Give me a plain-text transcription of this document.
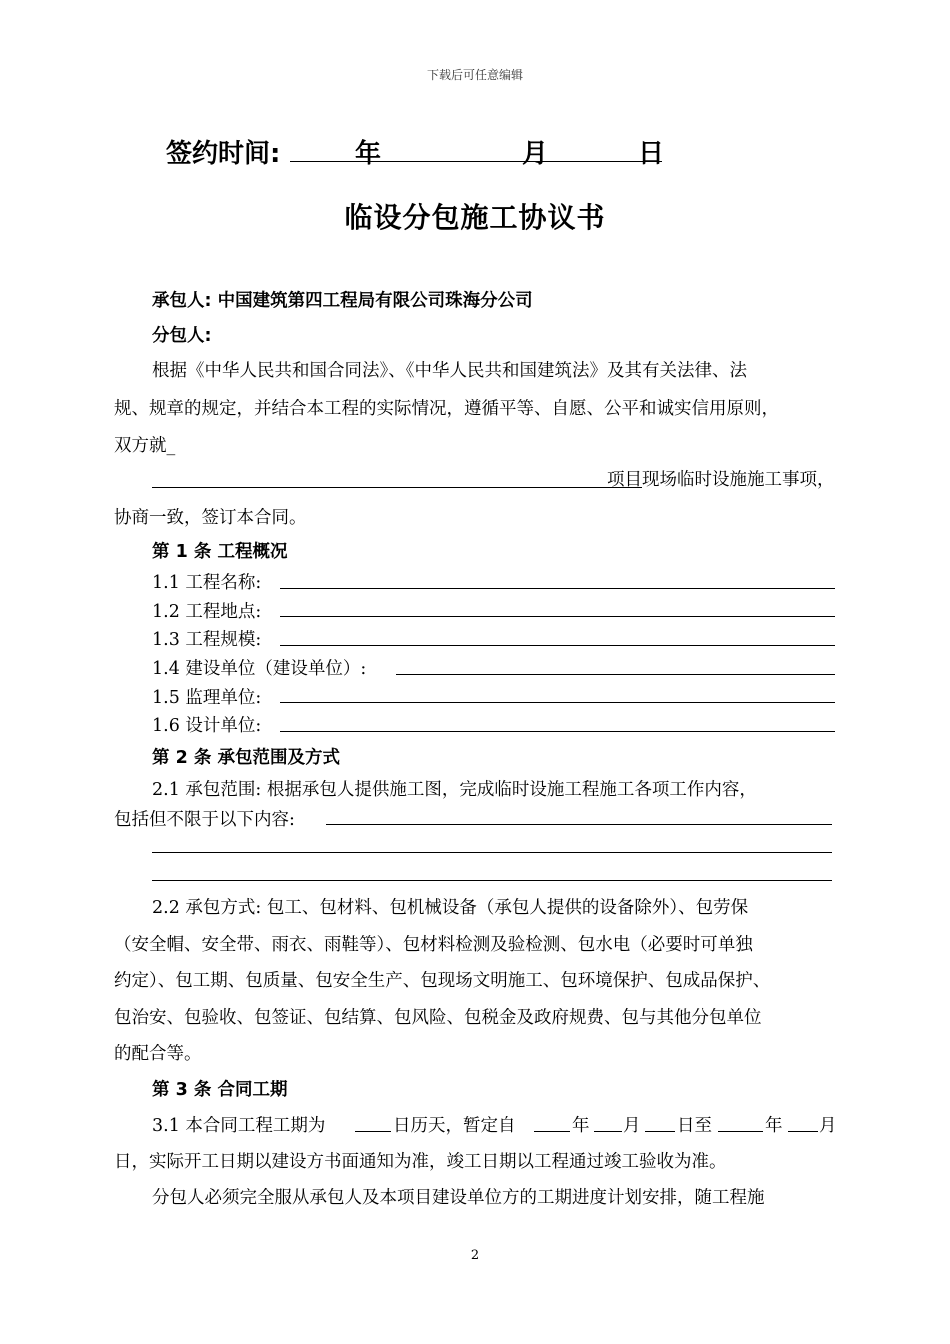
下载后可任意编辑
签约时间:	年	月	日
临设分包施工协议书
承包人: 中国建筑第四工程局有限公司珠海分公司
分包人:
根据《中华人民共和国合同法》、《中华人民共和国建筑法》及其有关法律、法
规、规章的规定，并结合本工程的实际情况，遵循平等、自愿、公平和诚实信用原则，
双方就_
项目现场临时设施施工事项，
协商一致，签订本合同。
第 1 条 工程概况
1.1 工程名称:
1.2 工程地点:
1.3 工程规模:
1.4 建设单位（建设单位）:
1.5 监理单位:
1.6 设计单位:
第 2 条 承包范围及方式
2.1 承包范围: 根据承包人提供施工图，完成临时设施工程施工各项工作内容，
包括但不限于以下内容:
2.2 承包方式: 包工、包材料、包机械设备（承包人提供的设备除外）、包劳保
（安全帽、安全带、雨衣、雨鞋等）、包材料检测及验检测、包水电（必要时可单独
约定）、包工期、包质量、包安全生产、包现场文明施工、包环境保护、包成品保护、
包治安、包验收、包签证、包结算、包风险、包税金及政府规费、包与其他分包单位
的配合等。
第 3 条 合同工期
3.1 本合同工程工期为	日历天，暂定自	年 月 日至	年 月
日，实际开工日期以建设方书面通知为准，竣工日期以工程通过竣工验收为准。
分包人必须完全服从承包人及本项目建设单位方的工期进度计划安排，随工程施
2
